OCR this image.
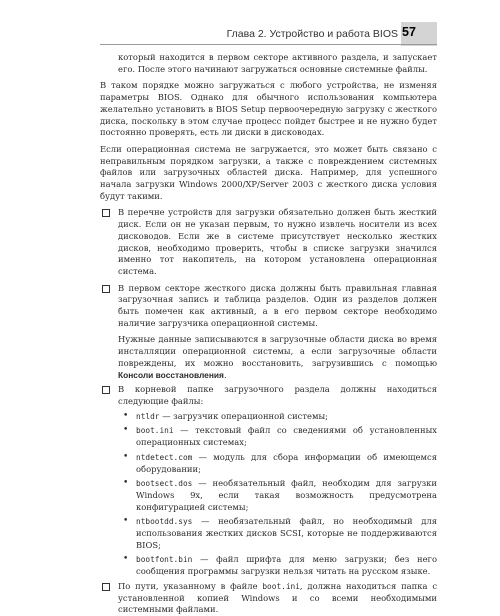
Глава 2. Устройство и работа BIOS 57

который находится в первом секторе активного раздела, и запускает его. После этого начинают загружаться основные системные файлы.

В таком порядке можно загружаться с любого устройства, не изменяя параметры BIOS. Однако для обычного использования компьютера желательно установить в BIOS Setup первоочередную загрузку с жесткого диска, поскольку в этом случае процесс пойдет быстрее и не нужно будет постоянно проверять, есть ли диски в дисководах.

Если операционная система не загружается, это может быть связано с неправильным порядком загрузки, а также с повреждением системных файлов или загрузочных областей диска. Например, для успешного начала загрузки Windows 2000/XP/Server 2003 с жесткого диска условия будут такими.

В перечне устройств для загрузки обязательно должен быть жесткий диск. Если он не указан первым, то нужно извлечь носители из всех дисководов. Если же в системе присутствует несколько жестких дисков, необходимо проверить, чтобы в списке загрузки значился именно тот накопитель, на котором установлена операционная система.

В первом секторе жесткого диска должны быть правильная главная загрузочная запись и таблица разделов. Один из разделов должен быть помечен как активный, а в его первом секторе необходимо наличие загрузчика операционной системы.

Нужные данные записываются в загрузочные области диска во время инсталляции операционной системы, а если загрузочные области повреждены, их можно восстановить, загрузившись с помощью Консоли восстановления.

В корневой папке загрузочного раздела должны находиться следующие файлы:

• ntldr — загрузчик операционной системы;

• boot.ini — текстовый файл со сведениями об установленных операционных системах;

• ntdetect.com — модуль для сбора информации об имеющемся оборудовании;

• bootsect.dos — необязательный файл, необходим для загрузки Windows 9x, если такая возможность предусмотрена конфигурацией системы;

• ntbootdd.sys — необязательный файл, но необходимый для использования жестких дисков SCSI, которые не поддерживаются BIOS;

• bootfont.bin — файл шрифта для меню загрузки; без него сообщения программы загрузки нельзя читать на русском языке.

По пути, указанному в файле boot.ini, должна находиться папка с установленной копией Windows и со всеми необходимыми системными файлами.
